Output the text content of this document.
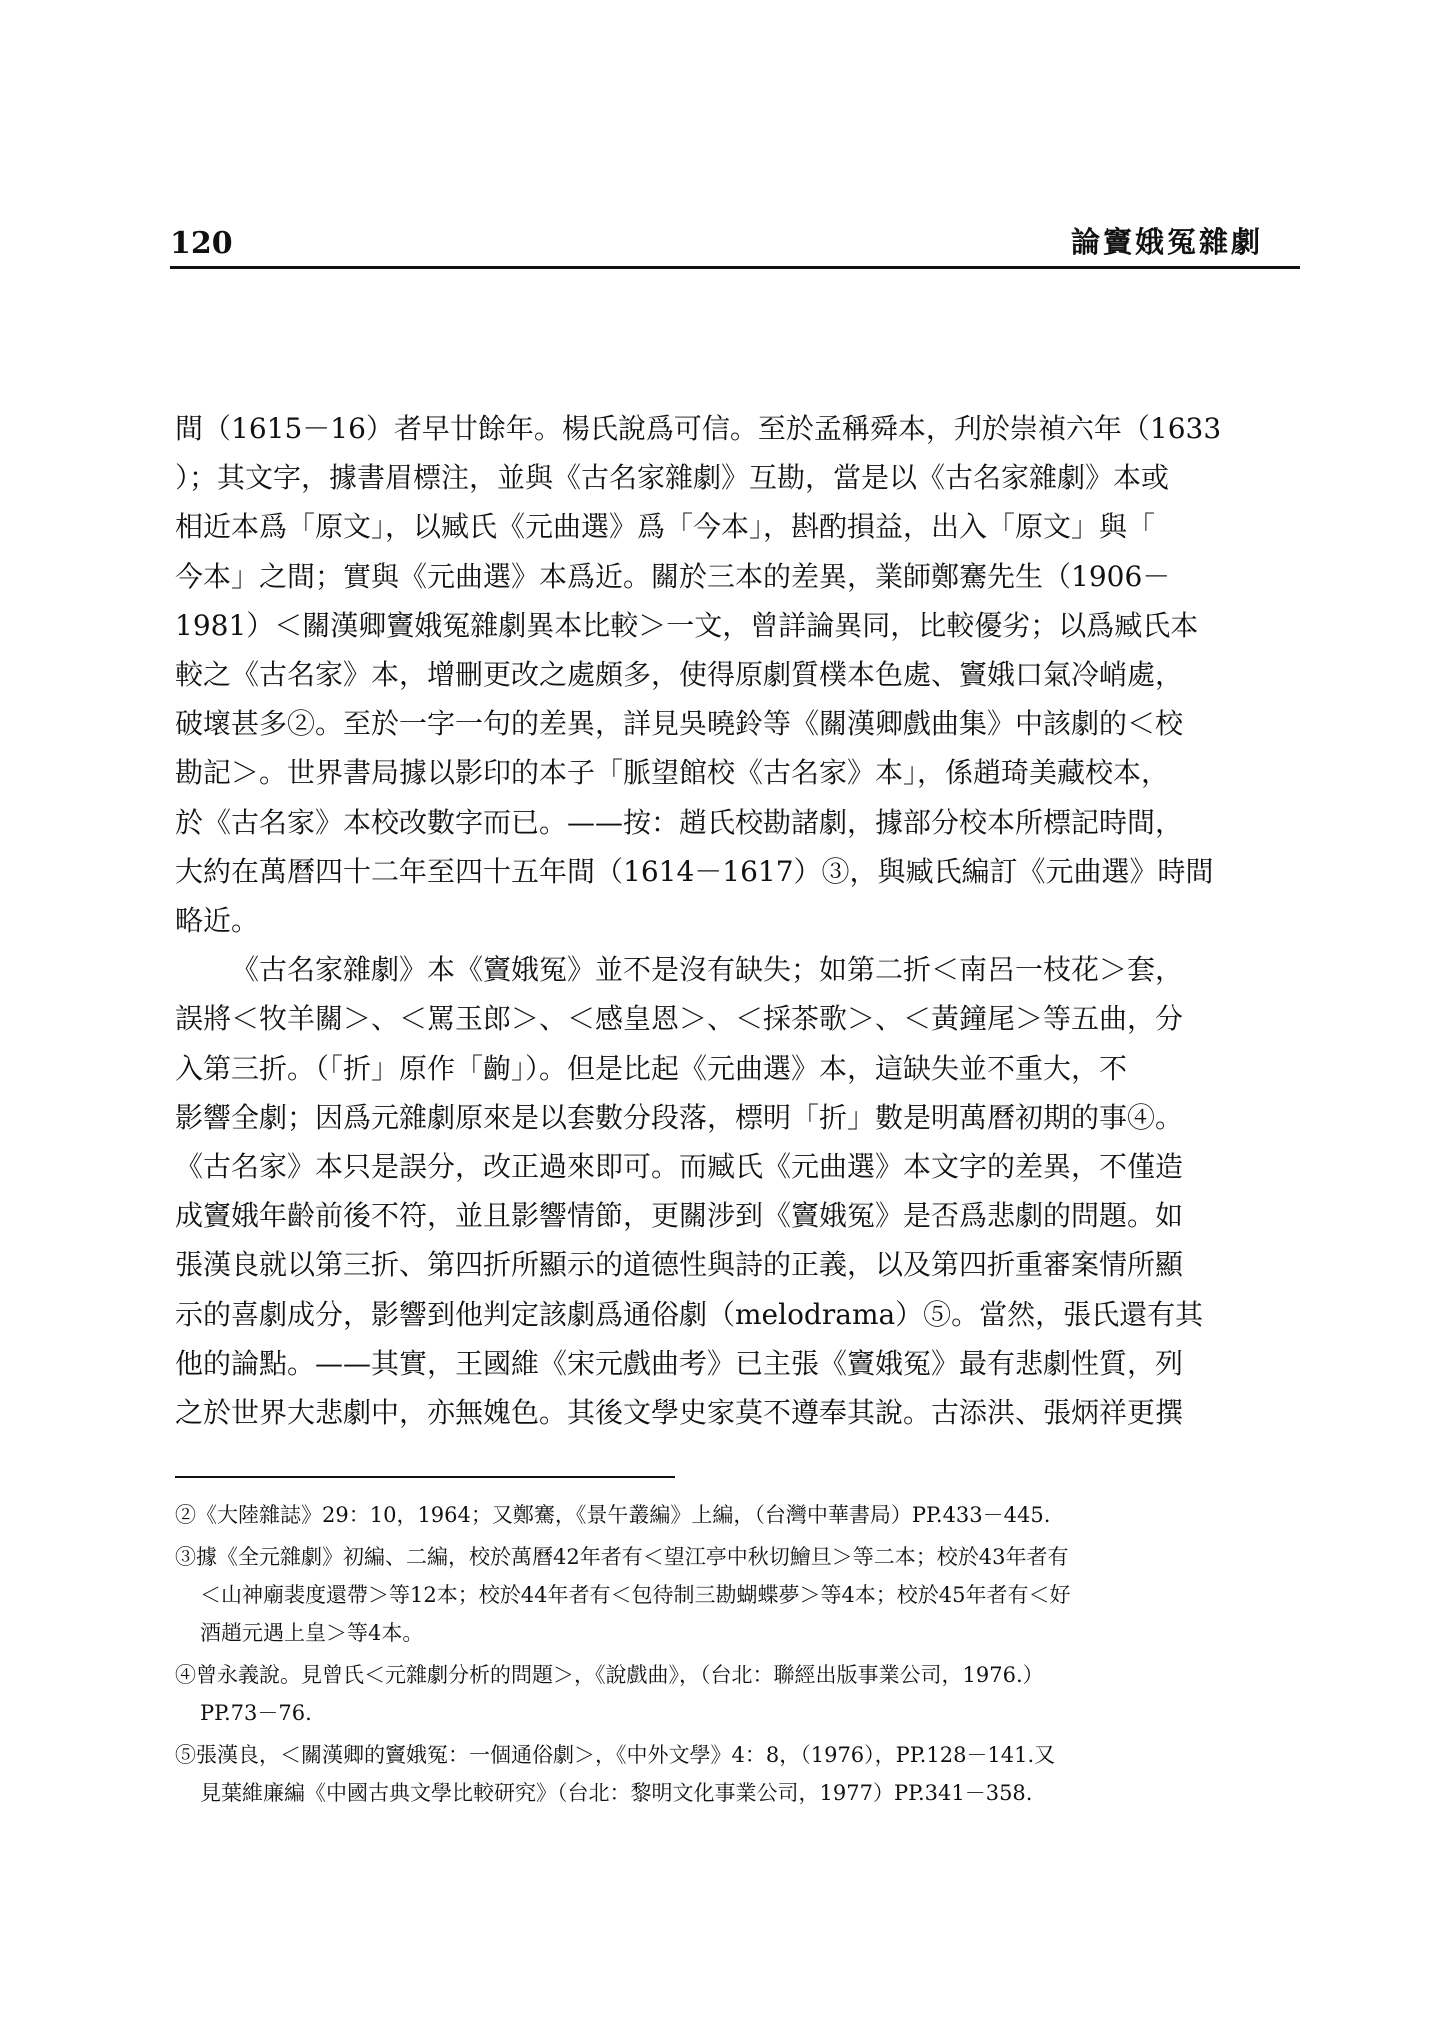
120	論竇娥冤雜劇

間（1615－16）者早廿餘年。楊氏說爲可信。至於孟稱舜本，刋於崇禎六年（1633
）；其文字，據書眉標注，並與《古名家雜劇》互勘，當是以《古名家雜劇》本或
相近本爲「原文」，以臧氏《元曲選》爲「今本」，斟酌損益，出入「原文」與「
今本」之間；實與《元曲選》本爲近。關於三本的差異，業師鄭騫先生（1906－
1981）＜關漢卿竇娥冤雜劇異本比較＞一文，曾詳論異同，比較優劣；以爲臧氏本
較之《古名家》本，增刪更改之處頗多，使得原劇質樸本色處、竇娥口氣冷峭處，
破壞甚多②。至於一字一句的差異，詳見吳曉鈴等《關漢卿戲曲集》中該劇的＜校
勘記＞。世界書局據以影印的本子「脈望館校《古名家》本」，係趙琦美藏校本，
於《古名家》本校改數字而已。——按：趙氏校勘諸劇，據部分校本所標記時間，
大約在萬曆四十二年至四十五年間（1614－1617）③，與臧氏編訂《元曲選》時間
略近。

《古名家雜劇》本《竇娥冤》並不是沒有缺失；如第二折＜南呂一枝花＞套，
誤將＜牧羊關＞、＜罵玉郎＞、＜感皇恩＞、＜採茶歌＞、＜黃鐘尾＞等五曲，分
入第三折。（「折」原作「齣」）。但是比起《元曲選》本，這缺失並不重大，不
影響全劇；因爲元雜劇原來是以套數分段落，標明「折」數是明萬曆初期的事④。
《古名家》本只是誤分，改正過來即可。而臧氏《元曲選》本文字的差異，不僅造
成竇娥年齡前後不符，並且影響情節，更關涉到《竇娥冤》是否爲悲劇的問題。如
張漢良就以第三折、第四折所顯示的道德性與詩的正義，以及第四折重審案情所顯
示的喜劇成分，影響到他判定該劇爲通俗劇（melodrama）⑤。當然，張氏還有其
他的論點。——其實，王國維《宋元戲曲考》已主張《竇娥冤》最有悲劇性質，列
之於世界大悲劇中，亦無媿色。其後文學史家莫不遵奉其說。古添洪、張炳祥更撰

②《大陸雜誌》29：10，1964；又鄭騫，《景午叢編》上編，（台灣中華書局）PP.433－445.

③據《全元雜劇》初編、二編，校於萬曆42年者有＜望江亭中秋切鱠旦＞等二本；校於43年者有
＜山神廟裴度還帶＞等12本；校於44年者有＜包待制三勘蝴蝶夢＞等4本；校於45年者有＜好
酒趙元遇上皇＞等4本。

④曾永義說。見曾氏＜元雜劇分析的問題＞，《說戲曲》，（台北：聯經出版事業公司，1976.）
PP.73－76.

⑤張漢良，＜關漢卿的竇娥冤：一個通俗劇＞，《中外文學》4：8，（1976），PP.128－141.又
見葉維廉編《中國古典文學比較研究》（台北：黎明文化事業公司，1977）PP.341－358.
